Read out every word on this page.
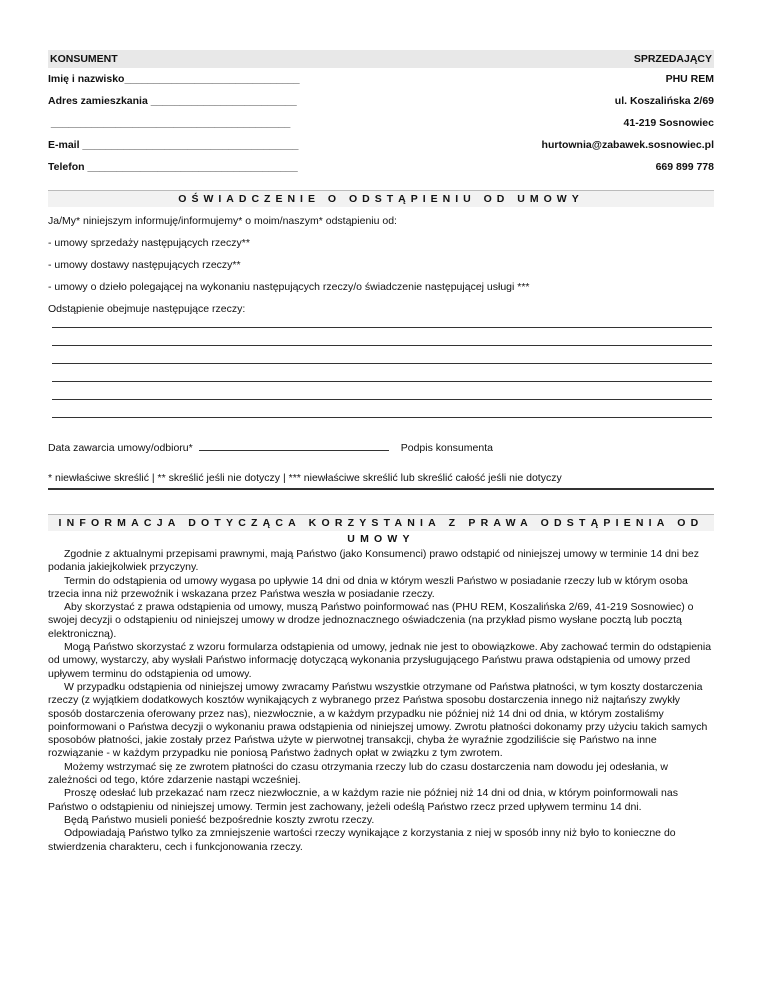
KONSUMENT	SPRZEDAJĄCY
Imię i nazwisko ______________________________	PHU REM
Adres zamieszkania _________________________	ul. Koszalińska 2/69
_________________________________________	41-219 Sosnowiec
E-mail _____________________________________	hurtownia@zabawek.sosnowiec.pl
Telefon ____________________________________	669 899 778
OŚWIADCZENIE O ODSTĄPIENIU OD UMOWY

Ja/My* niniejszym informuję/informujemy* o moim/naszym* odstąpieniu od:

- umowy sprzedaży następujących rzeczy**

- umowy dostawy następujących rzeczy**

- umowy o dzieło polegającej na wykonaniu następujących rzeczy/o świadczenie następującej usługi ***

Odstąpienie obejmuje następujące rzeczy:

Data zawarcia umowy/odbioru*	Podpis konsumenta
* niewłaściwe skreślić | ** skreślić jeśli nie dotyczy | *** niewłaściwe skreślić lub skreślić całość jeśli nie dotyczy
INFORMACJA DOTYCZĄCA KORZYSTANIA Z PRAWA ODSTĄPIENIA OD UMOWY

Zgodnie z aktualnymi przepisami prawnymi, mają Państwo (jako Konsumenci) prawo odstąpić od niniejszej umowy w terminie 14 dni bez podania jakiejkolwiek przyczyny.

Termin do odstąpienia od umowy wygasa po upływie 14 dni od dnia w którym weszli Państwo w posiadanie rzeczy lub w którym osoba trzecia inna niż przewoźnik i wskazana przez Państwa weszła w posiadanie rzeczy.

Aby skorzystać z prawa odstąpienia od umowy, muszą Państwo poinformować nas (PHU REM, Koszalińska 2/69, 41-219 Sosnowiec) o swojej decyzji o odstąpieniu od niniejszej umowy w drodze jednoznacznego oświadczenia (na przykład pismo wysłane pocztą lub pocztą elektroniczną).

Mogą Państwo skorzystać z wzoru formularza odstąpienia od umowy, jednak nie jest to obowiązkowe. Aby zachować termin do odstąpienia od umowy, wystarczy, aby wysłali Państwo informację dotyczącą wykonania przysługującego Państwu prawa odstąpienia od umowy przed upływem terminu do odstąpienia od umowy.

W przypadku odstąpienia od niniejszej umowy zwracamy Państwu wszystkie otrzymane od Państwa płatności, w tym koszty dostarczenia rzeczy (z wyjątkiem dodatkowych kosztów wynikających z wybranego przez Państwa sposobu dostarczenia innego niż najtańszy zwykły sposób dostarczenia oferowany przez nas), niezwłocznie, a w każdym przypadku nie później niż 14 dni od dnia, w którym zostaliśmy poinformowani o Państwa decyzji o wykonaniu prawa odstąpienia od niniejszej umowy. Zwrotu płatności dokonamy przy użyciu takich samych sposobów płatności, jakie zostały przez Państwa użyte w pierwotnej transakcji, chyba że wyraźnie zgodziliście się Państwo na inne rozwiązanie - w każdym przypadku nie poniosą Państwo żadnych opłat w związku z tym zwrotem.

Możemy wstrzymać się ze zwrotem płatności do czasu otrzymania rzeczy lub do czasu dostarczenia nam dowodu jej odesłania, w zależności od tego, które zdarzenie nastąpi wcześniej.

Proszę odesłać lub przekazać nam rzecz niezwłocznie, a w każdym razie nie później niż 14 dni od dnia, w którym poinformowali nas Państwo o odstąpieniu od niniejszej umowy. Termin jest zachowany, jeżeli odeślą Państwo rzecz przed upływem terminu 14 dni.

Będą Państwo musieli ponieść bezpośrednie koszty zwrotu rzeczy.

Odpowiadają Państwo tylko za zmniejszenie wartości rzeczy wynikające z korzystania z niej w sposób inny niż było to konieczne do stwierdzenia charakteru, cech i funkcjonowania rzeczy.
